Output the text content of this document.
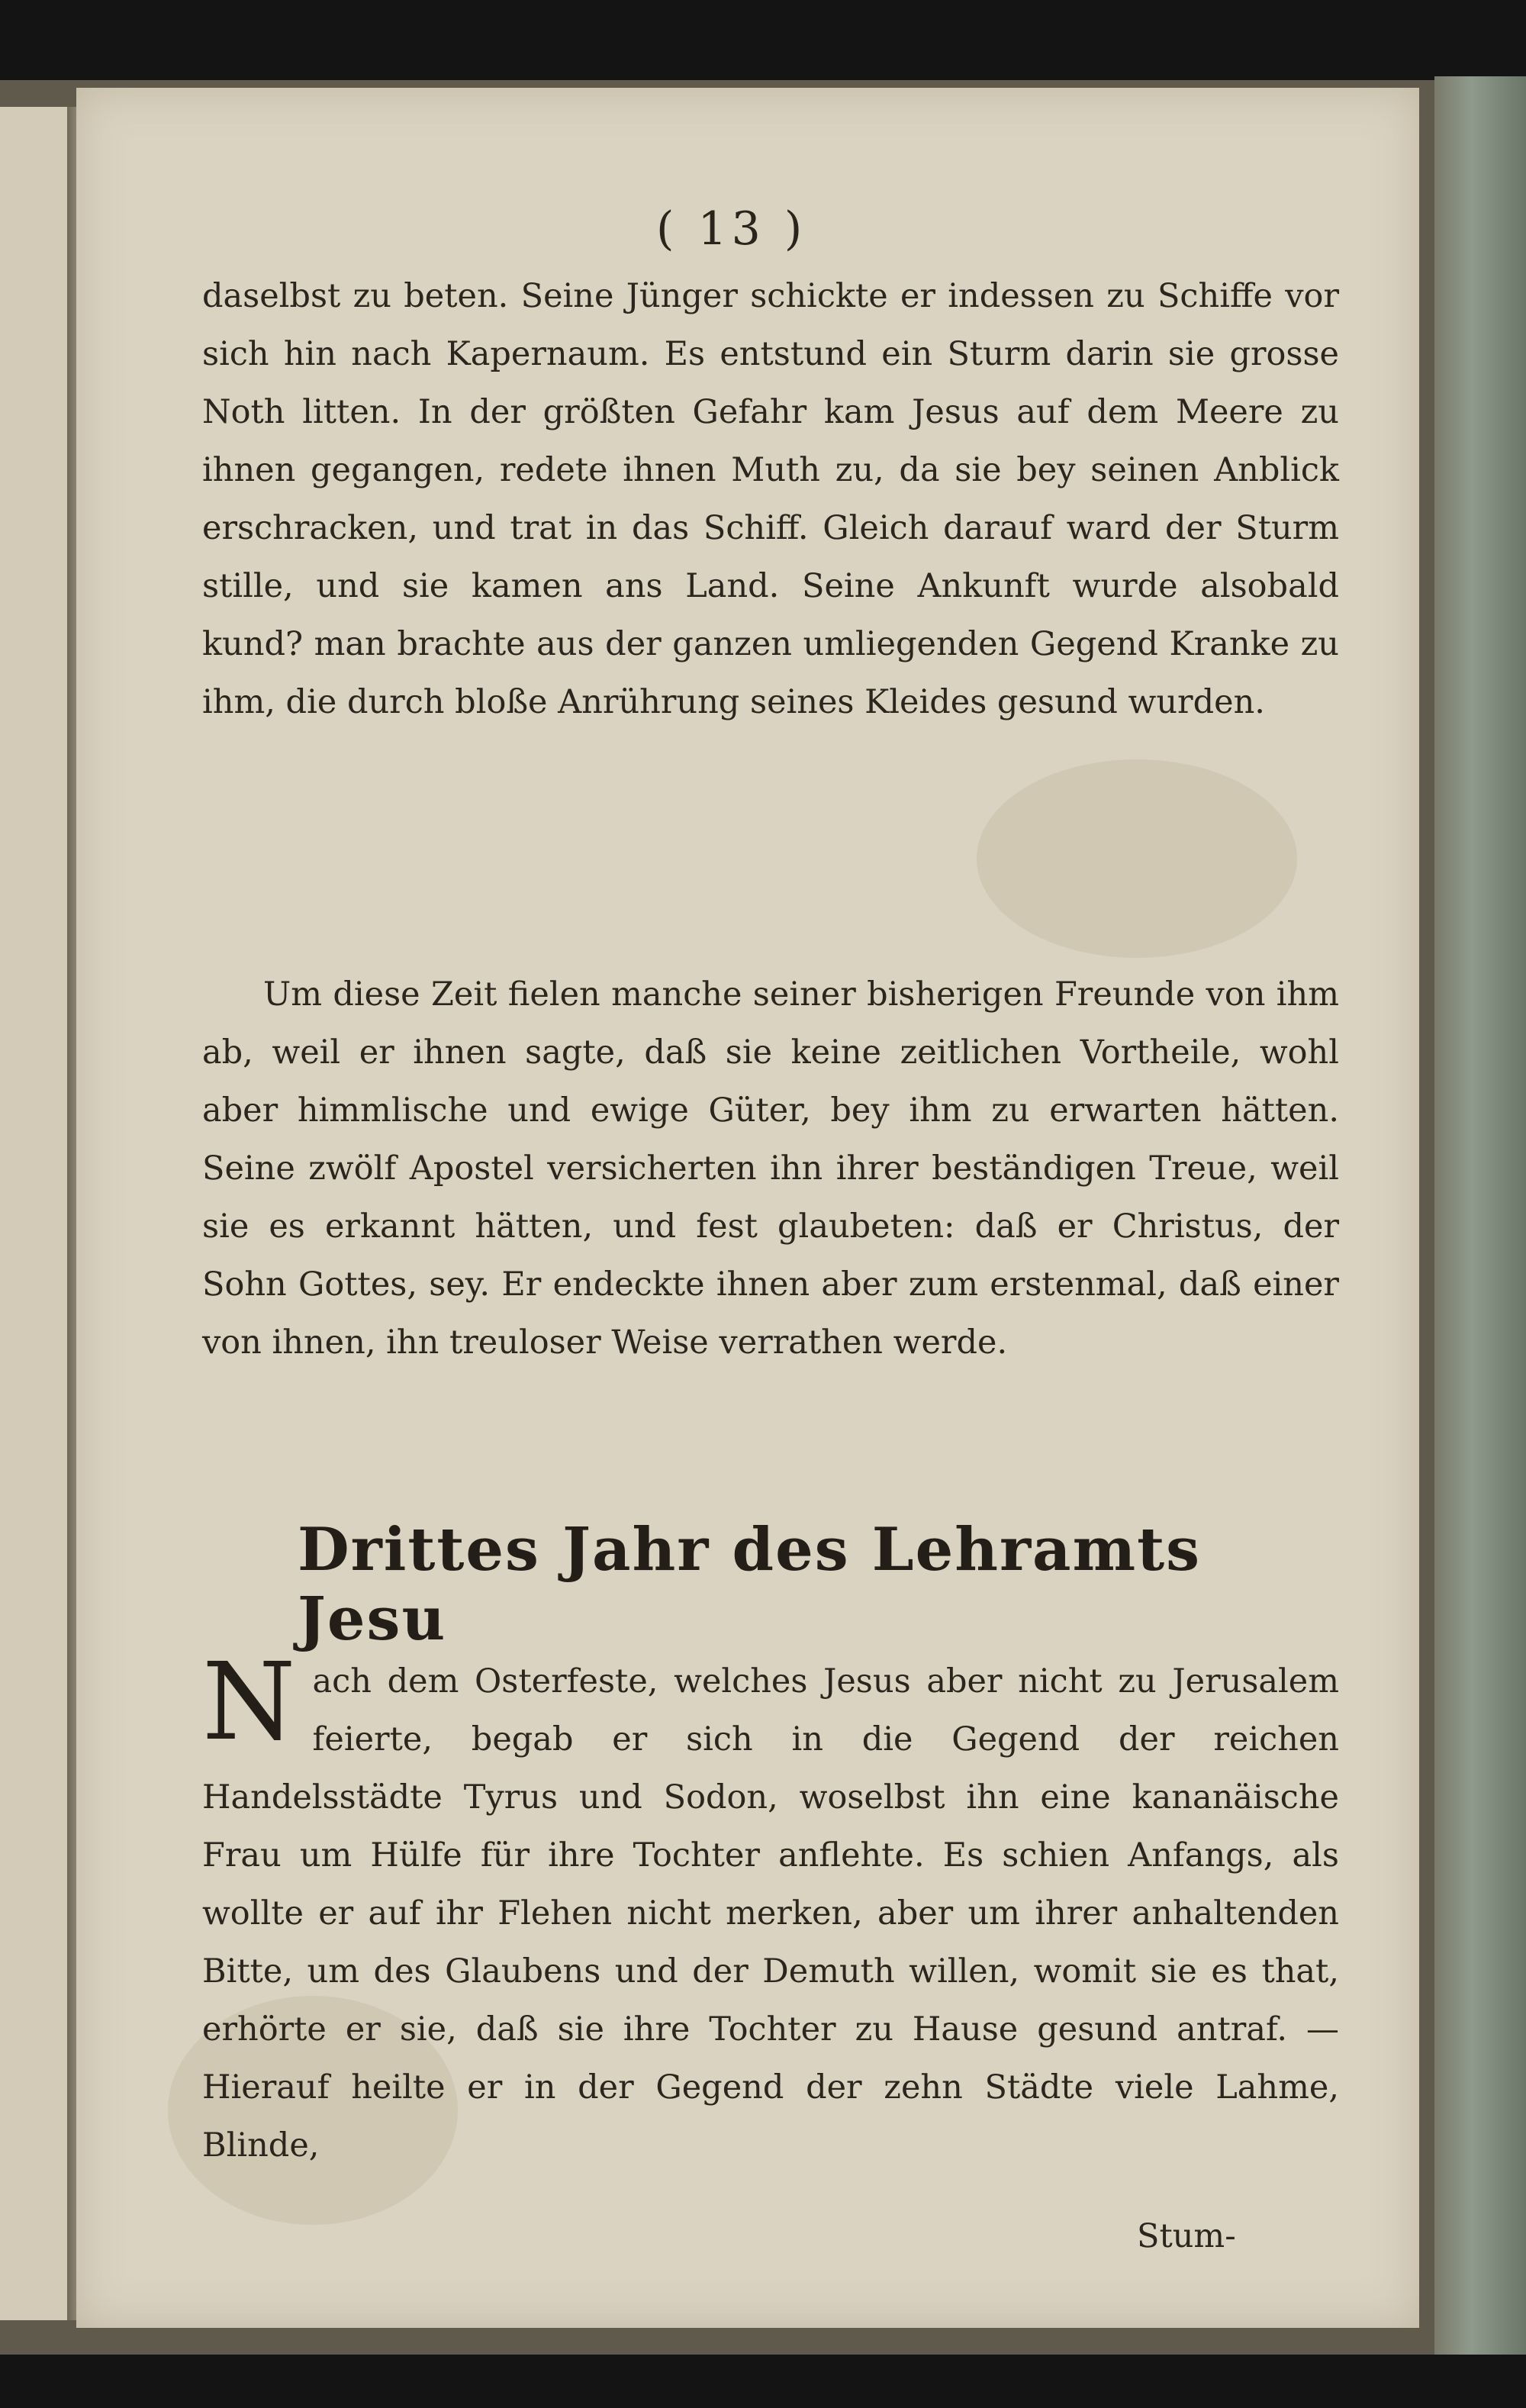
( 13 )
daselbst zu beten. Seine Jünger schickte er indessen zu Schiffe vor sich hin nach Kapernaum. Es entstund ein Sturm darin sie grosse Noth litten. In der größten Gefahr kam Jesus auf dem Meere zu ihnen gegangen, redete ihnen Muth zu, da sie bey seinen Anblick erschracken, und trat in das Schiff. Gleich darauf ward der Sturm stille, und sie kamen ans Land. Seine Ankunft wurde alsobald kund? man brachte aus der ganzen umliegenden Gegend Kranke zu ihm, die durch bloße Anrührung seines Kleides gesund wurden.
Um diese Zeit fielen manche seiner bisherigen Freunde von ihm ab, weil er ihnen sagte, daß sie keine zeitlichen Vortheile, wohl aber himmlische und ewige Güter, bey ihm zu erwarten hätten. Seine zwölf Apostel versicherten ihn ihrer beständigen Treue, weil sie es erkannt hätten, und fest glaubeten: daß er Christus, der Sohn Gottes, sey. Er endeckte ihnen aber zum erstenmal, daß einer von ihnen, ihn treuloser Weise verrathen werde.
Drittes Jahr des Lehramts Jesu
Nach dem Osterfeste, welches Jesus aber nicht zu Jerusalem feierte, begab er sich in die Gegend der reichen Handelsstädte Tyrus und Sodon, woselbst ihn eine kananäische Frau um Hülfe für ihre Tochter anflehte. Es schien Anfangs, als wollte er auf ihr Flehen nicht merken, aber um ihrer anhaltenden Bitte, um des Glaubens und der Demuth willen, womit sie es that, erhörte er sie, daß sie ihre Tochter zu Hause gesund antraf. — Hierauf heilte er in der Gegend der zehn Städte viele Lahme, Blinde,
Stum-
